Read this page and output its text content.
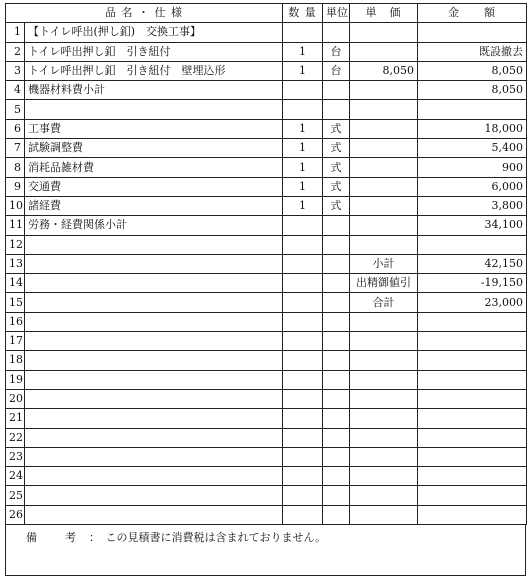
品 名 ・ 仕 様		数 量	単位	単　価	金　　額
1	【トイレ呼出(押し釦)　交換工事】				
2	トイレ呼出押し釦　引き紐付	1	台		既設撤去
3	トイレ呼出押し釦　引き紐付　壁埋込形	1	台	8,050	8,050
4	機器材料費小計				8,050
5					
6	工事費	1	式		18,000
7	試験調整費	1	式		5,400
8	消耗品雑材費	1	式		900
9	交通費	1	式		6,000
10	諸経費	1	式		3,800
11	労務・経費関係小計				34,100
12					
13				小計	42,150
14				出精御値引	-19,150
15				合計	23,000
16					
17					
18					
19					
20					
21					
22					
23					
24					
25					
26					
備　　考 ：　この見積書に消費税は含まれておりません。
